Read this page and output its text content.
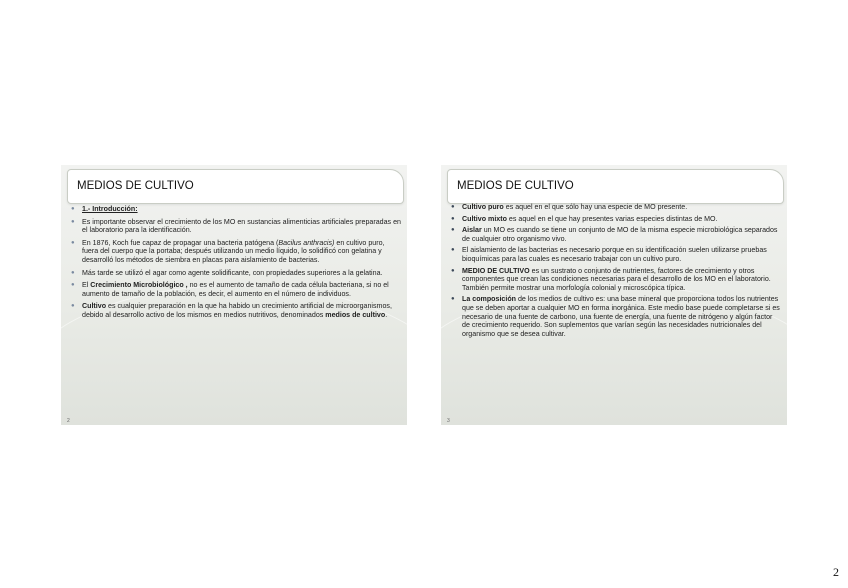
MEDIOS DE CULTIVO
● 1.- Introducción:
● Es importante observar el crecimiento de los MO en sustancias alimenticias artificiales preparadas en el laboratorio para la identificación.
● En 1876, Koch fue capaz de propagar una bacteria patógena (Bacilus anthracis) en cultivo puro, fuera del cuerpo que la portaba; después utilizando un medio líquido, lo solidificó con gelatina y desarrolló los métodos de siembra en placas para aislamiento de bacterias.
● Más tarde se utilizó el agar como agente solidificante, con propiedades superiores a la gelatina.
● El Crecimiento Microbiológico , no es el aumento de tamaño de cada célula bacteriana, si no el aumento de tamaño de la población, es decir, el aumento en el número de individuos.
● Cultivo es cualquier preparación en la que ha habido un crecimiento artificial de microorganismos, debido al desarrollo activo de los mismos en medios nutritivos, denominados medios de cultivo.
2
MEDIOS DE CULTIVO
● Cultivo puro es aquel en el que sólo hay una especie de MO presente.
● Cultivo mixto es aquel en el que hay presentes varias especies distintas de MO.
● Aislar un MO es cuando se tiene un conjunto de MO de la misma especie microbiológica separados de cualquier otro organismo vivo.
● El aislamiento de las bacterias es necesario porque en su identificación suelen utilizarse pruebas bioquímicas para las cuales es necesario trabajar con un cultivo puro.
● MEDIO DE CULTIVO es un sustrato o conjunto de nutrientes, factores de crecimiento y otros componentes que crean las condiciones necesarias para el desarrollo de los MO en el laboratorio. También permite mostrar una morfología colonial y microscópica típica.
● La composición de los medios de cultivo es: una base mineral que proporciona todos los nutrientes que se deben aportar a cualquier MO en forma inorgánica. Este medio base puede completarse si es necesario de una fuente de carbono, una fuente de energía, una fuente de nitrógeno y algún factor de crecimiento requerido. Son suplementos que varían según las necesidades nutricionales del organismo que se desea cultivar.
3
2
